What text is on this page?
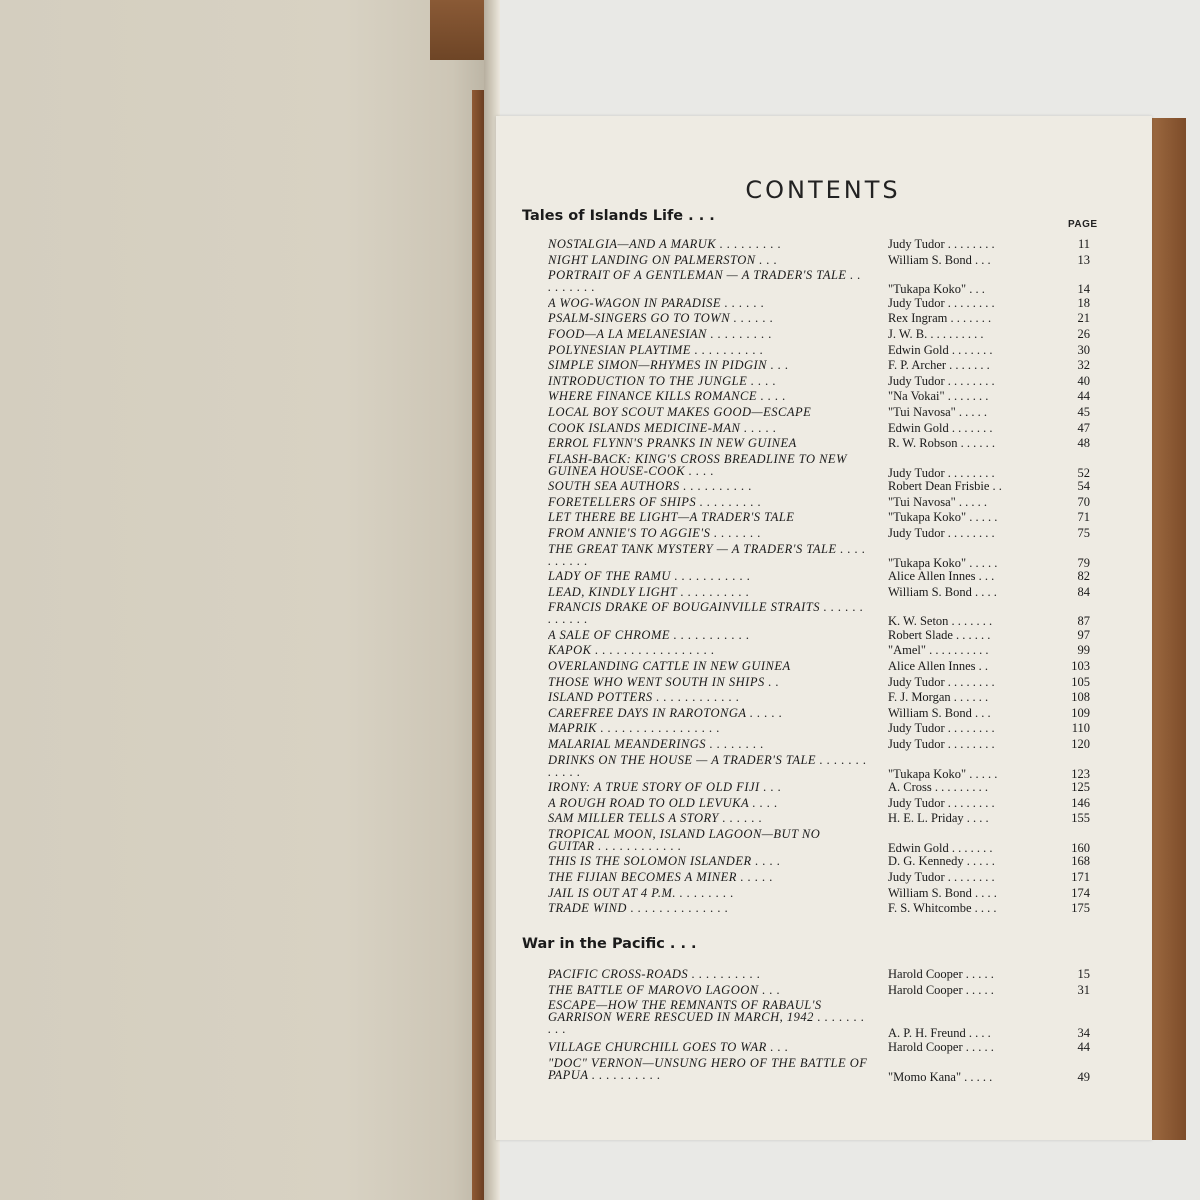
CONTENTS
PAGE
Tales of Islands Life . . .
NOSTALGIA—AND A MARUK . . . . . . . . .	Judy Tudor . . . . . . . .	11
NIGHT LANDING ON PALMERSTON . . .	William S. Bond . . .	13
PORTRAIT OF A GENTLEMAN — A TRADER'S TALE . . . . . . . . .	"Tukapa Koko" . . .	14
A WOG-WAGON IN PARADISE . . . . . .	Judy Tudor . . . . . . . .	18
PSALM-SINGERS GO TO TOWN . . . . . .	Rex Ingram . . . . . . .	21
FOOD—A LA MELANESIAN . . . . . . . . .	J. W. B. . . . . . . . . .	26
POLYNESIAN PLAYTIME . . . . . . . . . .	Edwin Gold . . . . . . .	30
SIMPLE SIMON—RHYMES IN PIDGIN . . .	F. P. Archer . . . . . . .	32
INTRODUCTION TO THE JUNGLE . . . .	Judy Tudor . . . . . . . .	40
WHERE FINANCE KILLS ROMANCE . . . .	"Na Vokai" . . . . . . .	44
LOCAL BOY SCOUT MAKES GOOD—ESCAPE	"Tui Navosa" . . . . .	45
COOK ISLANDS MEDICINE-MAN . . . . .	Edwin Gold . . . . . . .	47
ERROL FLYNN'S PRANKS IN NEW GUINEA	R. W. Robson . . . . . .	48
FLASH-BACK: KING'S CROSS BREADLINE TO NEW GUINEA HOUSE-COOK . . . .	Judy Tudor . . . . . . . .	52
SOUTH SEA AUTHORS . . . . . . . . . .	Robert Dean Frisbie . .	54
FORETELLERS OF SHIPS . . . . . . . . .	"Tui Navosa" . . . . .	70
LET THERE BE LIGHT—A TRADER'S TALE	"Tukapa Koko" . . . . .	71
FROM ANNIE'S TO AGGIE'S . . . . . . .	Judy Tudor . . . . . . . .	75
THE GREAT TANK MYSTERY — A TRADER'S TALE . . . . . . . . . .	"Tukapa Koko" . . . . .	79
LADY OF THE RAMU . . . . . . . . . . .	Alice Allen Innes . . .	82
LEAD, KINDLY LIGHT . . . . . . . . . .	William S. Bond . . . .	84
FRANCIS DRAKE OF BOUGAINVILLE STRAITS . . . . . . . . . . . .	K. W. Seton . . . . . . .	87
A SALE OF CHROME . . . . . . . . . . .	Robert Slade . . . . . .	97
KAPOK . . . . . . . . . . . . . . . . .	"Amel" . . . . . . . . . .	99
OVERLANDING CATTLE IN NEW GUINEA	Alice Allen Innes . .	103
THOSE WHO WENT SOUTH IN SHIPS . .	Judy Tudor . . . . . . . .	105
ISLAND POTTERS . . . . . . . . . . . .	F. J. Morgan . . . . . .	108
CAREFREE DAYS IN RAROTONGA . . . . .	William S. Bond . . .	109
MAPRIK . . . . . . . . . . . . . . . . .	Judy Tudor . . . . . . . .	110
MALARIAL MEANDERINGS . . . . . . . .	Judy Tudor . . . . . . . .	120
DRINKS ON THE HOUSE — A TRADER'S TALE . . . . . . . . . . . .	"Tukapa Koko" . . . . .	123
IRONY: A TRUE STORY OF OLD FIJI . . .	A. Cross . . . . . . . . .	125
A ROUGH ROAD TO OLD LEVUKA . . . .	Judy Tudor . . . . . . . .	146
SAM MILLER TELLS A STORY . . . . . .	H. E. L. Priday . . . .	155
TROPICAL MOON, ISLAND LAGOON—BUT NO GUITAR . . . . . . . . . . . .	Edwin Gold . . . . . . .	160
THIS IS THE SOLOMON ISLANDER . . . .	D. G. Kennedy . . . . .	168
THE FIJIAN BECOMES A MINER . . . . .	Judy Tudor . . . . . . . .	171
JAIL IS OUT AT 4 P.M. . . . . . . . .	William S. Bond . . . .	174
TRADE WIND . . . . . . . . . . . . . .	F. S. Whitcombe . . . .	175
War in the Pacific . . .
PACIFIC CROSS-ROADS . . . . . . . . . .	Harold Cooper . . . . .	15
THE BATTLE OF MAROVO LAGOON . . .	Harold Cooper . . . . .	31
ESCAPE—HOW THE REMNANTS OF RABAUL'S GARRISON WERE RESCUED IN MARCH, 1942 . . . . . . . . . .	A. P. H. Freund . . . .	34
VILLAGE CHURCHILL GOES TO WAR . . .	Harold Cooper . . . . .	44
"DOC" VERNON—UNSUNG HERO OF THE BATTLE OF PAPUA . . . . . . . . . .	"Momo Kana" . . . . .	49
